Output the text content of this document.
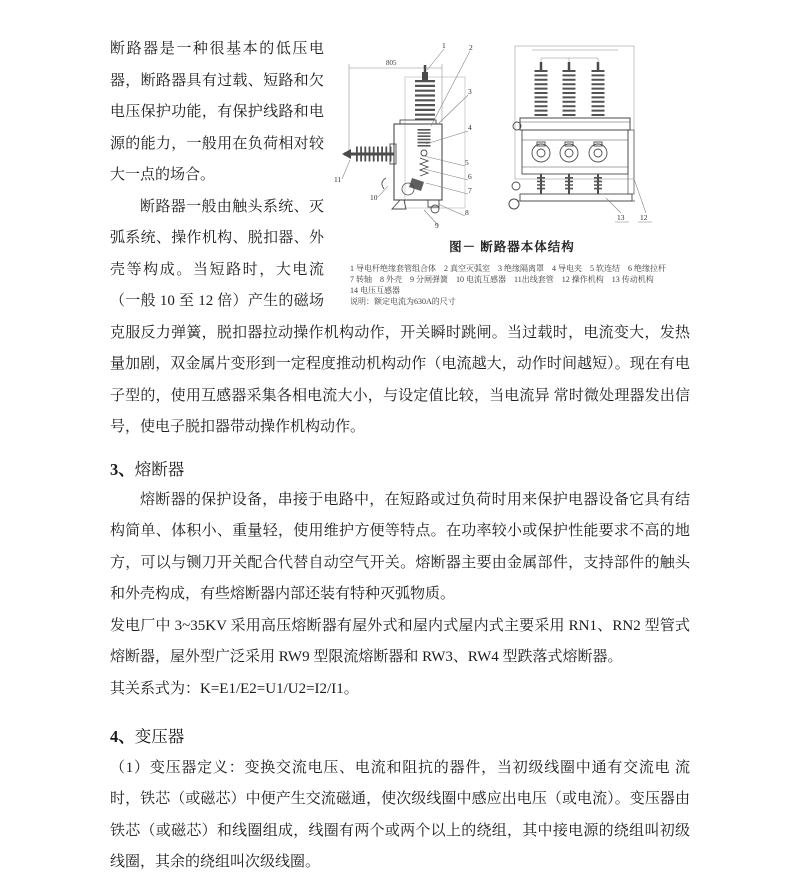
805
1	2
3
4
5
6
7
8
9
10
11
13 12
图－ 断路器本体结构
1 导电杆绝缘套管组合体　2 真空灭弧室　3 绝缘隔离罩　4 导电夹　5 软连结　6 绝缘拉杆
7 转轴　8 外壳　9 分闸弹簧　10 电流互感器　11出线套管　12 操作机构　13 传动机构
14 电压互感器
说明：额定电流为630A的尺寸

断路器是一种很基本的低压电器，断路器具有过载、短路和欠电压保护功能，有保护线路和电源的能力，一般用在负荷相对较大一点的场合。

断路器一般由触头系统、灭弧系统、操作机构、脱扣器、外壳等构成。当短路时，大电流（一般 10 至 12 倍）产生的磁场克服反力弹簧，脱扣器拉动操作机构动作，开关瞬时跳闸。当过载时，电流变大，发热量加剧，双金属片变形到一定程度推动机构动作（电流越大，动作时间越短）。现在有电子型的，使用互感器采集各相电流大小，与设定值比较，当电流异 常时微处理器发出信号，使电子脱扣器带动操作机构动作。

3、熔断器

熔断器的保护设备，串接于电路中，在短路或过负荷时用来保护电器设备它具有结构简单、体积小、重量轻，使用维护方便等特点。在功率较小或保护性能要求不高的地方，可以与铡刀开关配合代替自动空气开关。熔断器主要由金属部件，支持部件的触头和外壳构成，有些熔断器内部还装有特种灭弧物质。

发电厂中 3~35KV 采用高压熔断器有屋外式和屋内式屋内式主要采用 RN1、RN2 型管式熔断器，屋外型广泛采用 RW9 型限流熔断器和 RW3、RW4 型跌落式熔断器。

其关系式为：K=E1/E2=U1/U2=I2/I1。

4、变压器

（1）变压器定义：变换交流电压、电流和阻抗的器件，当初级线圈中通有交流电 流时，铁芯（或磁芯）中便产生交流磁通，使次级线圈中感应出电压（或电流）。变压器由铁芯（或磁芯）和线圈组成，线圈有两个或两个以上的绕组，其中接电源的绕组叫初级线圈，其余的绕组叫次级线圈。
